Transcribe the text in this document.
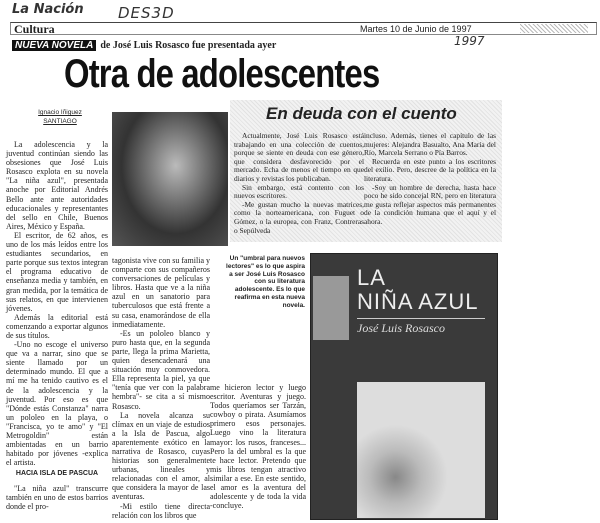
La Nación DES3D
1997
Cultura	Martes 10 de Junio de 1997
NUEVA NOVELA de José Luis Rosasco fue presentada ayer
Otra de adolescentes
Ignacio Iñiguez
SANTIAGO

La adolescencia y la juventud continúan siendo las obsesiones que José Luis Rosasco explota en su novela "La niña azul", presentada anoche por Editorial Andrés Bello ante ante autoridades educacionales y representantes del sello en Chile, Buenos Aires, México y España.

El escritor, de 62 años, es uno de los más leídos entre los estudiantes secundarios, en parte porque sus textos integran el programa educativo de enseñanza media y también, en gran medida, por la temática de sus relatos, en que intervienen jóvenes.

Además la editorial está comenzando a exportar algunos de sus títulos.

-Uno no escoge el universo que va a narrar, sino que se siente llamado por un determinado mundo. El que a mí me ha tenido cautivo es el de la adolescencia y la juventud. Por eso es que "Dónde estás Constanza" narra un pololeo en la playa, o "Francisca, yo te amo" y "El Metrogoldin" están ambientadas en un barrio habitado por jóvenes -explica el artista.

HACIA ISLA DE PASCUA

"La niña azul" transcurre también en uno de estos barrios donde el pro-

En deuda con el cuento

Actualmente, José Luis Rosasco está trabajando en una colección de cuentos, porque se siente en deuda con ese género, que considera desfavorecido por el mercado. Echa de menos el tiempo en que diarios y revistas los publicaban.

Sin embargo, está contento con los nuevos escritores.

-Me gustan mucho la nuevas matrices, como la norteamericana, con Fuguet o Gómez, o la europea, con Franz, Contreras o Sepúlveda

incluso. Además, tienes el capítulo de las mujeres: Alejandra Basualto, Ana María del Río, Marcela Serrano o Pía Barros.

Recuerda en este punto a los escritores del exilio. Pero, descree de la política en la literatura.

-Soy un hombre de derecha, hasta hace poco he sido concejal RN, pero en literatura me gusta reflejar aspectos más permanentes de la condición humana que el aquí y el ahora.

tagonista vive con su familia y comparte con sus compañeros conversaciones de películas y libros. Hasta que ve a la niña azul en un sanatorio para tuberculosos que está frente a su casa, enamorándose de ella inmediatamente.

-Es un pololeo blanco y puro hasta que, en la segunda parte, llega la prima Marietta, quien desencadenará una situación muy conmovedora. Ella representa la piel, ya que "tenía que ver con la palabra hembra"- se cita a sí mismo Rosasco.

La novela alcanza su clímax en un viaje de estudios a la Isla de Pascua, algo aparentemente exótico en la narrativa de Rosasco, cuyas historias son generalmente urbanas, lineales y relacionadas con el amor, al que considera la mayor de las aventuras.

-Mi estilo tiene directa relación con los libros que

Un "umbral para nuevos lectores" es lo que aspira a ser José Luis Rosasco con su literatura adolescente. Es lo que reafirma en esta nueva novela.

me hicieron lector y luego escritor. Aventuras y juego. Todos queríamos ser Tarzán, cowboy o pirata. Asumíamos primero esos personajes. Luego vino la literatura mayor: los rusos, franceses... Pero la del umbral es la que te hace lector. Pretendo que mis libros tengan atractivo similar a ese. En este sentido, el amor es la aventura del adolescente y de toda la vida -concluye.

LA
NIÑA AZUL
José Luis Rosasco
